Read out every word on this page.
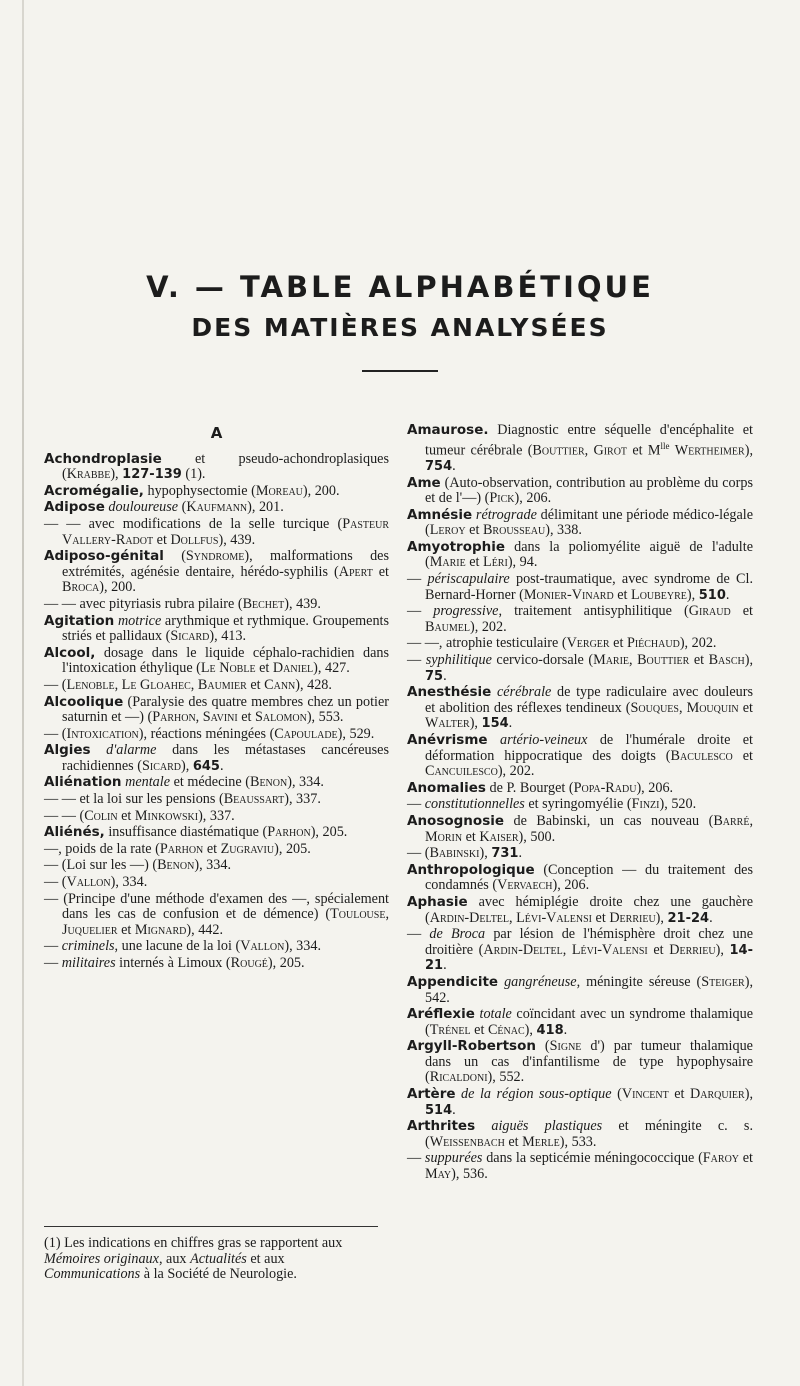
V. — TABLE ALPHABÉTIQUE
DES MATIÈRES ANALYSÉES
A
Achondroplasie et pseudo-achondroplasiques (Krabbe), 127-139 (1).
Acromégalie, hypophysectomie (Moreau), 200.
Adipose douloureuse (Kaufmann), 201.
— — avec modifications de la selle turcique (Pasteur Vallery-Radot et Dollfus), 439.
Adiposo-génital (Syndrome), malformations des extrémités, agénésie dentaire, hérédo-syphilis (Apert et Broca), 200.
— — avec pityriasis rubra pilaire (Bechet), 439.
Agitation motrice arythmique et rythmique. Groupements striés et pallidaux (Sicard), 413.
Alcool, dosage dans le liquide céphalo-rachidien dans l'intoxication éthylique (Le Noble et Daniel), 427.
— (Lenoble, Le Gloahec, Baumier et Cann), 428.
Alcoolique (Paralysie des quatre membres chez un potier saturnin et —) (Parhon, Savini et Salomon), 553.
— (Intoxication), réactions méningées (Capoulade), 529.
Algies d'alarme dans les métastases cancéreuses rachidiennes (Sicard), 645.
Aliénation mentale et médecine (Benon), 334.
— — et la loi sur les pensions (Beaussart), 337.
— — (Colin et Minkowski), 337.
Aliénés, insuffisance diastématique (Parhon), 205.
—, poids de la rate (Parhon et Zugraviu), 205.
— (Loi sur les —) (Benon), 334.
— (Vallon), 334.
— (Principe d'une méthode d'examen des —, spécialement dans les cas de confusion et de démence) (Toulouse, Juquelier et Mignard), 442.
— criminels, une lacune de la loi (Vallon), 334.
— militaires internés à Limoux (Rougé), 205.
Amaurose. Diagnostic entre séquelle d'encéphalite et tumeur cérébrale (Bouttier, Girot et $M^{lle}$ Wertheimer), 754.
Ame (Auto-observation, contribution au problème du corps et de l'—) (Pick), 206.
Amnésie rétrograde délimitant une période médico-légale (Leroy et Brousseau), 338.
Amyotrophie dans la poliomyélite aiguë de l'adulte (Marie et Léri), 94.
— périscapulaire post-traumatique, avec syndrome de Cl. Bernard-Horner (Monier-Vinard et Loubeyre), 510.
— progressive, traitement antisyphilitique (Giraud et Baumel), 202.
— —, atrophie testiculaire (Verger et Piéchaud), 202.
— syphilitique cervico-dorsale (Marie, Bouttier et Basch), 75.
Anesthésie cérébrale de type radiculaire avec douleurs et abolition des réflexes tendineux (Souques, Mouquin et Walter), 154.
Anévrisme artério-veineux de l'humérale droite et déformation hippocratique des doigts (Baculesco et Cancuilesco), 202.
Anomalies de P. Bourget (Popa-Radu), 206.
— constitutionnelles et syringomyélie (Finzi), 520.
Anosognosie de Babinski, un cas nouveau (Barré, Morin et Kaiser), 500.
— (Babinski), 731.
Anthropologique (Conception — du traitement des condamnés (Vervaech), 206.
Aphasie avec hémiplégie droite chez une gauchère (Ardin-Deltel, Lévi-Valensi et Derrieu), 21-24.
— de Broca par lésion de l'hémisphère droit chez une droitière (Ardin-Deltel, Lévi-Valensi et Derrieu), 14-21.
Appendicite gangréneuse, méningite séreuse (Steiger), 542.
Aréflexie totale coïncidant avec un syndrome thalamique (Trénel et Cénac), 418.
Argyll-Robertson (Signe d') par tumeur thalamique dans un cas d'infantilisme de type hypophysaire (Ricaldoni), 552.
Artère de la région sous-optique (Vincent et Darquier), 514.
Arthrites aiguës plastiques et méningite c. s. (Weissenbach et Merle), 533.
— suppurées dans la septicémie méningococcique (Faroy et May), 536.
(1) Les indications en chiffres gras se rapportent aux Mémoires originaux, aux Actualités et aux Communications à la Société de Neurologie.
